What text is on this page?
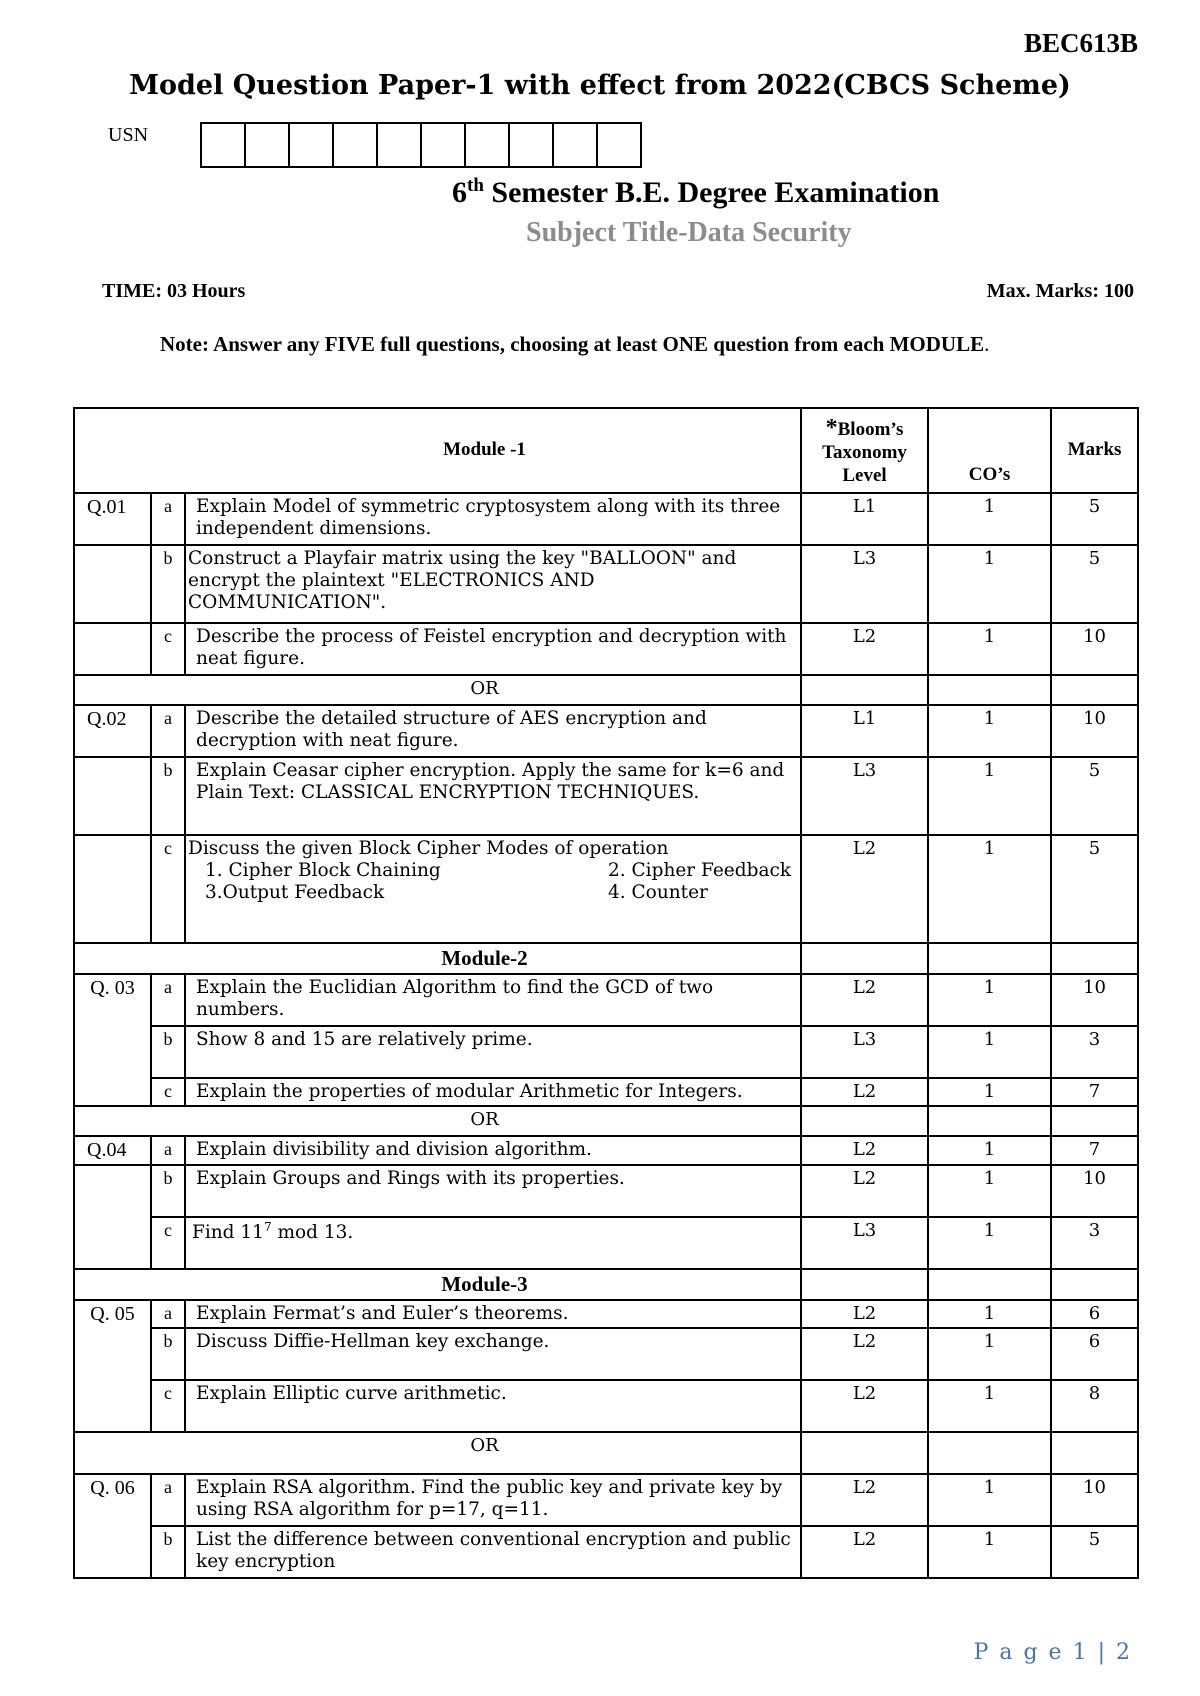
BEC613B
Model Question Paper-1 with effect from 2022(CBCS Scheme)
USN
6th Semester B.E. Degree Examination
Subject Title-Data Security
TIME: 03 Hours	Max. Marks: 100
Note: Answer any FIVE full questions, choosing at least ONE question from each MODULE.
Module -1			*Bloom’s Taxonomy Level	CO’s	Marks
Q.01	a	Explain Model of symmetric cryptosystem along with its three independent dimensions.	L1	1	5
	b	Construct a Playfair matrix using the key "BALLOON" and encrypt the plaintext "ELECTRONICS AND COMMUNICATION".	L3	1	5
	c	Describe the process of Feistel encryption and decryption with neat figure.	L2	1	10
OR					
Q.02	a	Describe the detailed structure of AES encryption and decryption with neat figure.	L1	1	10
	b	Explain Ceasar cipher encryption. Apply the same for k=6 and Plain Text: CLASSICAL ENCRYPTION TECHNIQUES.	L3	1	5
	c	Discuss the given Block Cipher Modes of operation
1. Cipher Block Chaining 2. Cipher Feedback
3.Output Feedback 4. Counter	L2	1	5
Module-2					
Q. 03	a	Explain the Euclidian Algorithm to find the GCD of two numbers.	L2	1	10
	b	Show 8 and 15 are relatively prime.	L3	1	3
	c	Explain the properties of modular Arithmetic for Integers.	L2	1	7
OR					
Q.04	a	Explain divisibility and division algorithm.	L2	1	7
	b	Explain Groups and Rings with its properties.	L2	1	10
	c	Find $11^7$ mod 13.	L3	1	3
Module-3					
Q. 05	a	Explain Fermat’s and Euler’s theorems.	L2	1	6
	b	Discuss Diffie-Hellman key exchange.	L2	1	6
	c	Explain Elliptic curve arithmetic.	L2	1	8
OR					
Q. 06	a	Explain RSA algorithm. Find the public key and private key by using RSA algorithm for p=17, q=11.	L2	1	10
	b	List the difference between conventional encryption and public key encryption	L2	1	5
P a g e 1 | 2
